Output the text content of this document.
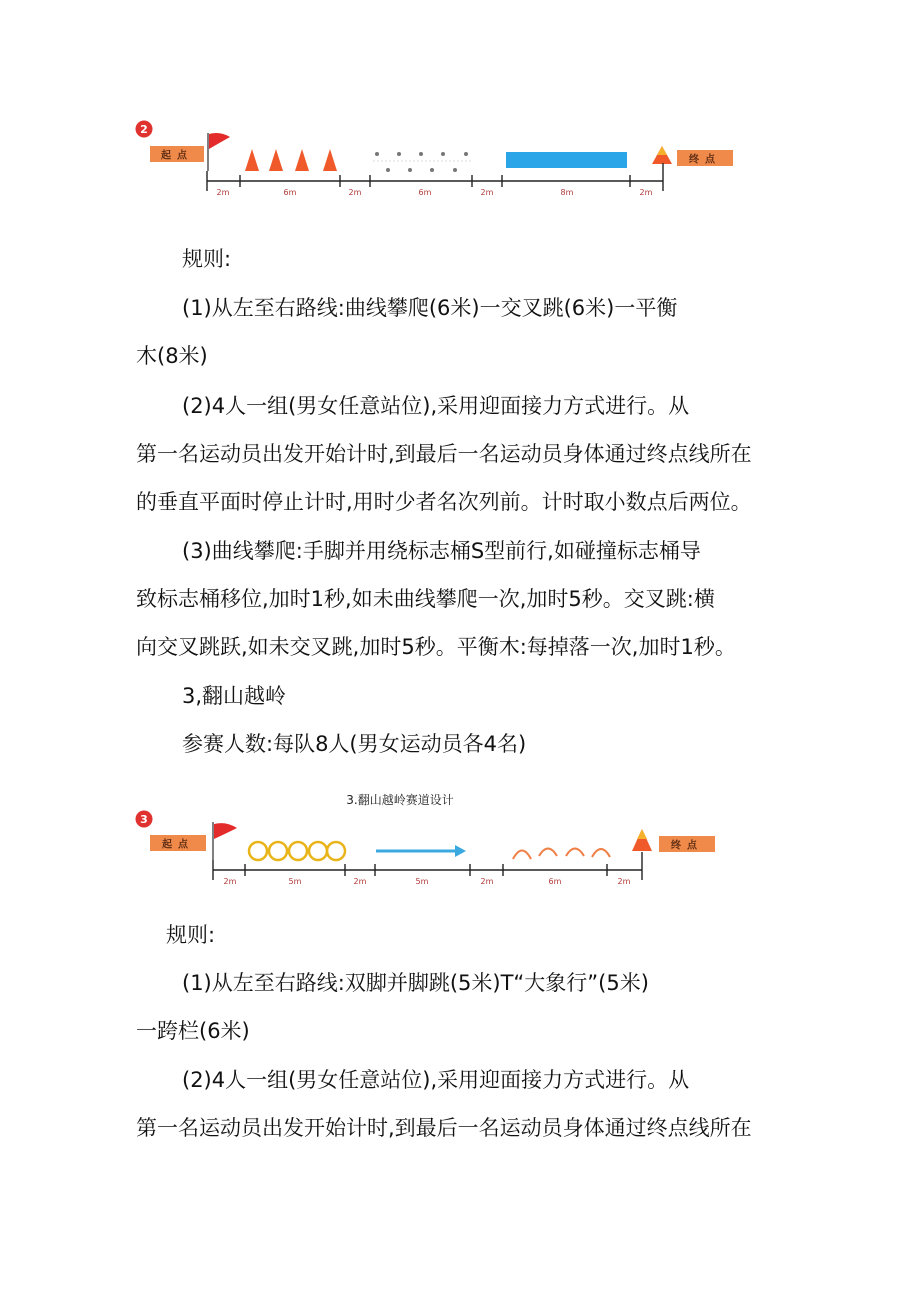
2
起点	终点
2m	6m	2m	6m	2m	8m	2m
规则:
(1)从左至右路线:曲线攀爬(6米)一交叉跳(6米)一平衡
木(8米)
(2)4人一组(男女任意站位),采用迎面接力方式进行。从
第一名运动员出发开始计时,到最后一名运动员身体通过终点线所在
的垂直平面时停止计时,用时少者名次列前。计时取小数点后两位。
(3)曲线攀爬:手脚并用绕标志桶S型前行,如碰撞标志桶导
致标志桶移位,加时1秒,如未曲线攀爬一次,加时5秒。交叉跳:横
向交叉跳跃,如未交叉跳,加时5秒。平衡木:每掉落一次,加时1秒。
3,翻山越岭
参赛人数:每队8人(男女运动员各4名)
3.翻山越岭赛道设计
3
起点	终点
2m	5m	2m	5m	2m	6m	2m
规则:
(1)从左至右路线:双脚并脚跳(5米)T“大象行”(5米)
一跨栏(6米)
(2)4人一组(男女任意站位),采用迎面接力方式进行。从
第一名运动员出发开始计时,到最后一名运动员身体通过终点线所在
